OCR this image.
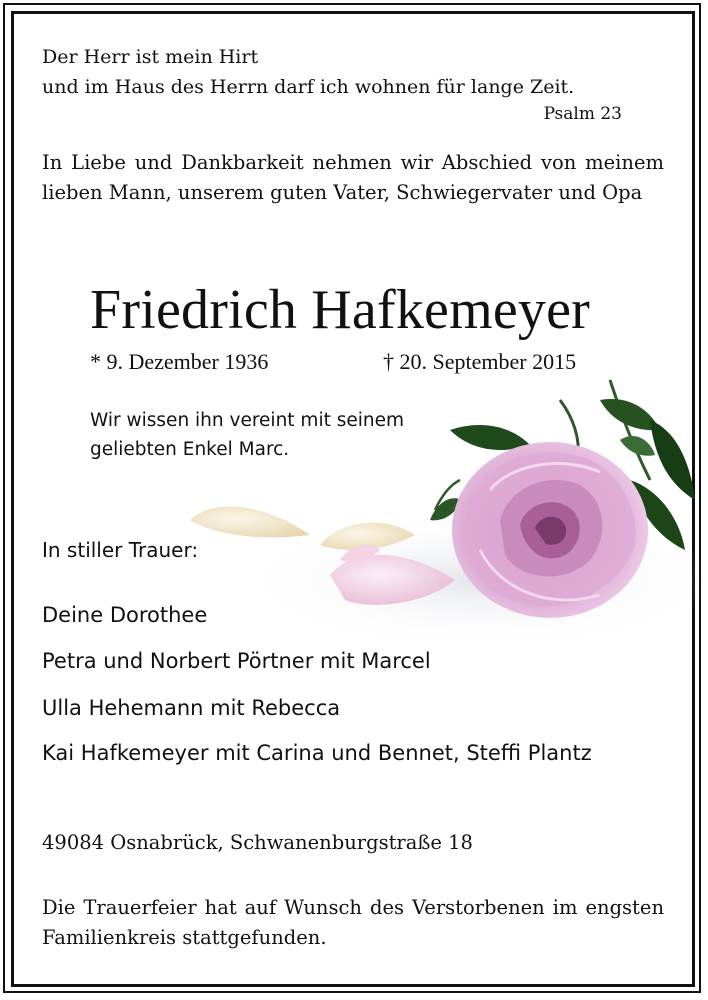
Der Herr ist mein Hirt

und im Haus des Herrn darf ich wohnen für lange Zeit.

Psalm 23

In Liebe und Dankbarkeit nehmen wir Abschied von meinem lieben Mann, unserem guten Vater, Schwiegervater und Opa

Friedrich Hafkemeyer

* 9. Dezember 1936	† 20. September 2015

Wir wissen ihn vereint mit seinem

geliebten Enkel Marc.

In stiller Trauer:

Deine Dorothee

Petra und Norbert Pörtner mit Marcel

Ulla Hehemann mit Rebecca

Kai Hafkemeyer mit Carina und Bennet, Steffi Plantz

49084 Osnabrück, Schwanenburgstraße 18

Die Trauerfeier hat auf Wunsch des Verstorbenen im engsten Familienkreis stattgefunden.
